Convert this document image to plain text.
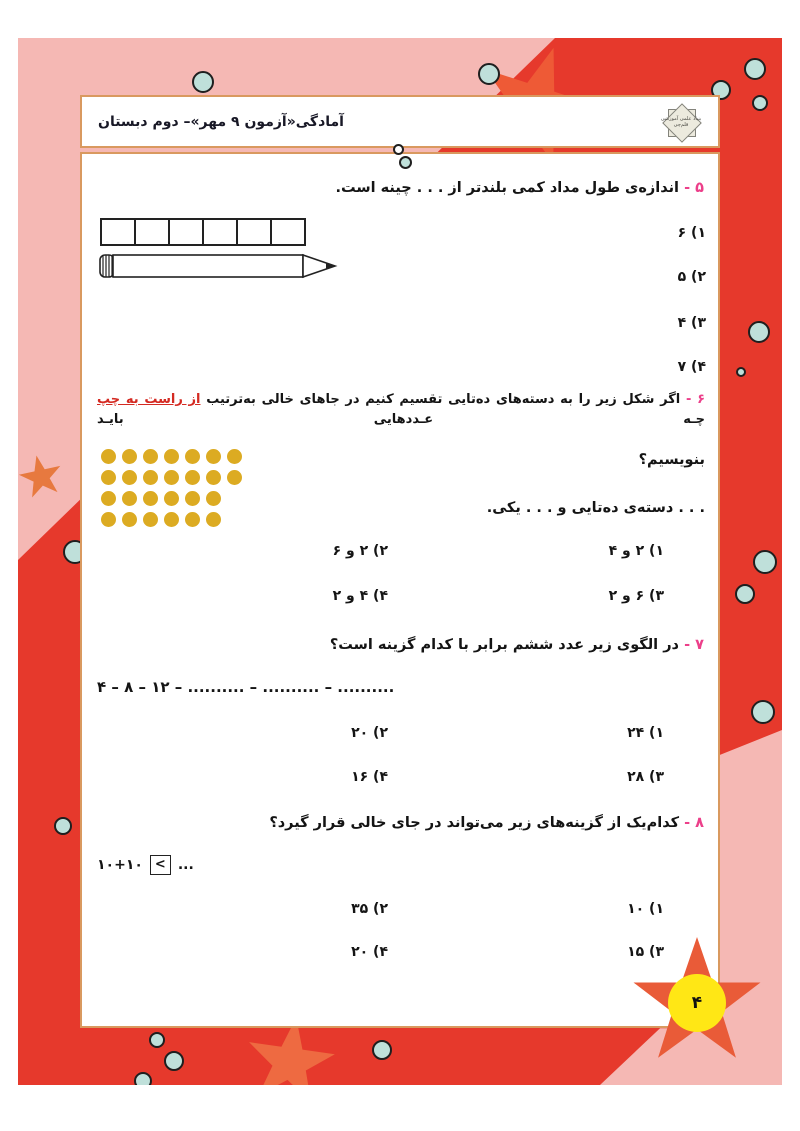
آمادگی«آزمون ۹ مهر»– دوم دبستان	بنیاد علمی آموزشی قلم‌چی
۵ - اندازه‌ی طول مداد کمی بلندتر از . . . چینه است.
۱) ۶
۲) ۵
۳) ۴
۴) ۷
۶ - اگر شکل زیر را به دسته‌های ده‌تایی تقسیم کنیم در جاهای خالی به‌ترتیب از راست به چپ چـه عـددهایی بایـد
بنویسیم؟
. . . دسته‌ی ده‌تایی و . . . یکی.
۱) ۲ و ۴
۲) ۲ و ۶
۳) ۶ و ۲
۴) ۴ و ۲
۷ - در الگوی زیر عدد ششم برابر با کدام گزینه است؟
۴ – ۸ – ۱۲ – .......... – .......... – ..........
۱) ۲۴
۲) ۲۰
۳) ۲۸
۴) ۱۶
۸ - کدام‌یک از گزینه‌های زیر می‌تواند در جای خالی قرار گیرد؟
۱۰+۱۰ < ...
۱) ۱۰
۲) ۳۵
۳) ۱۵
۴) ۲۰
۴
